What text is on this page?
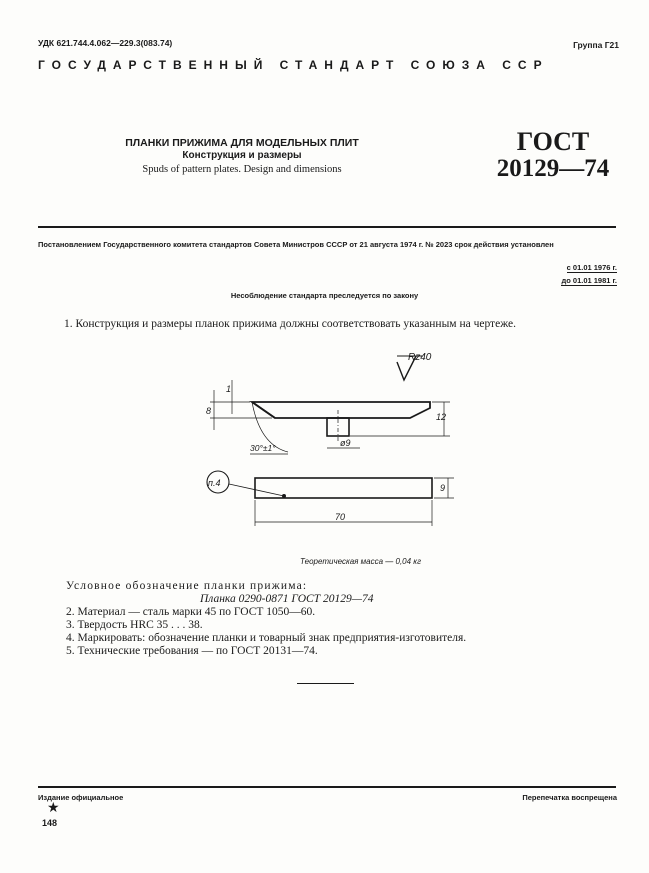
УДК 621.744.4.062—229.3(083.74)	Группа Г21
ГОСУДАРСТВЕННЫЙ СТАНДАРТ СОЮЗА ССР
ПЛАНКИ ПРИЖИМА ДЛЯ МОДЕЛЬНЫХ ПЛИТ
Конструкция и размеры
Spuds of pattern plates. Design and dimensions
ГОСТ
20129—74
Постановлением Государственного комитета стандартов Совета Министров СССР от 21 августа 1974 г. № 2023 срок действия установлен
с 01.01 1976 г.
до 01.01 1981 г.
Несоблюдение стандарта преследуется по закону
1. Конструкция и размеры планок прижима должны соответствовать указанным на чертеже.
Rz40
8
1
12
ø9
30°±1°
п.4	9
70
Теоретическая масса — 0,04 кг
Условное обозначение планки прижима:
Планка 0290-0871 ГОСТ 20129—74
2. Материал — сталь марки 45 по ГОСТ 1050—60.
3. Твердость HRC 35 . . . 38.
4. Маркировать: обозначение планки и товарный знак предприятия-изготовителя.
5. Технические требования — по ГОСТ 20131—74.
Издание официальное	Перепечатка воспрещена
★
148
